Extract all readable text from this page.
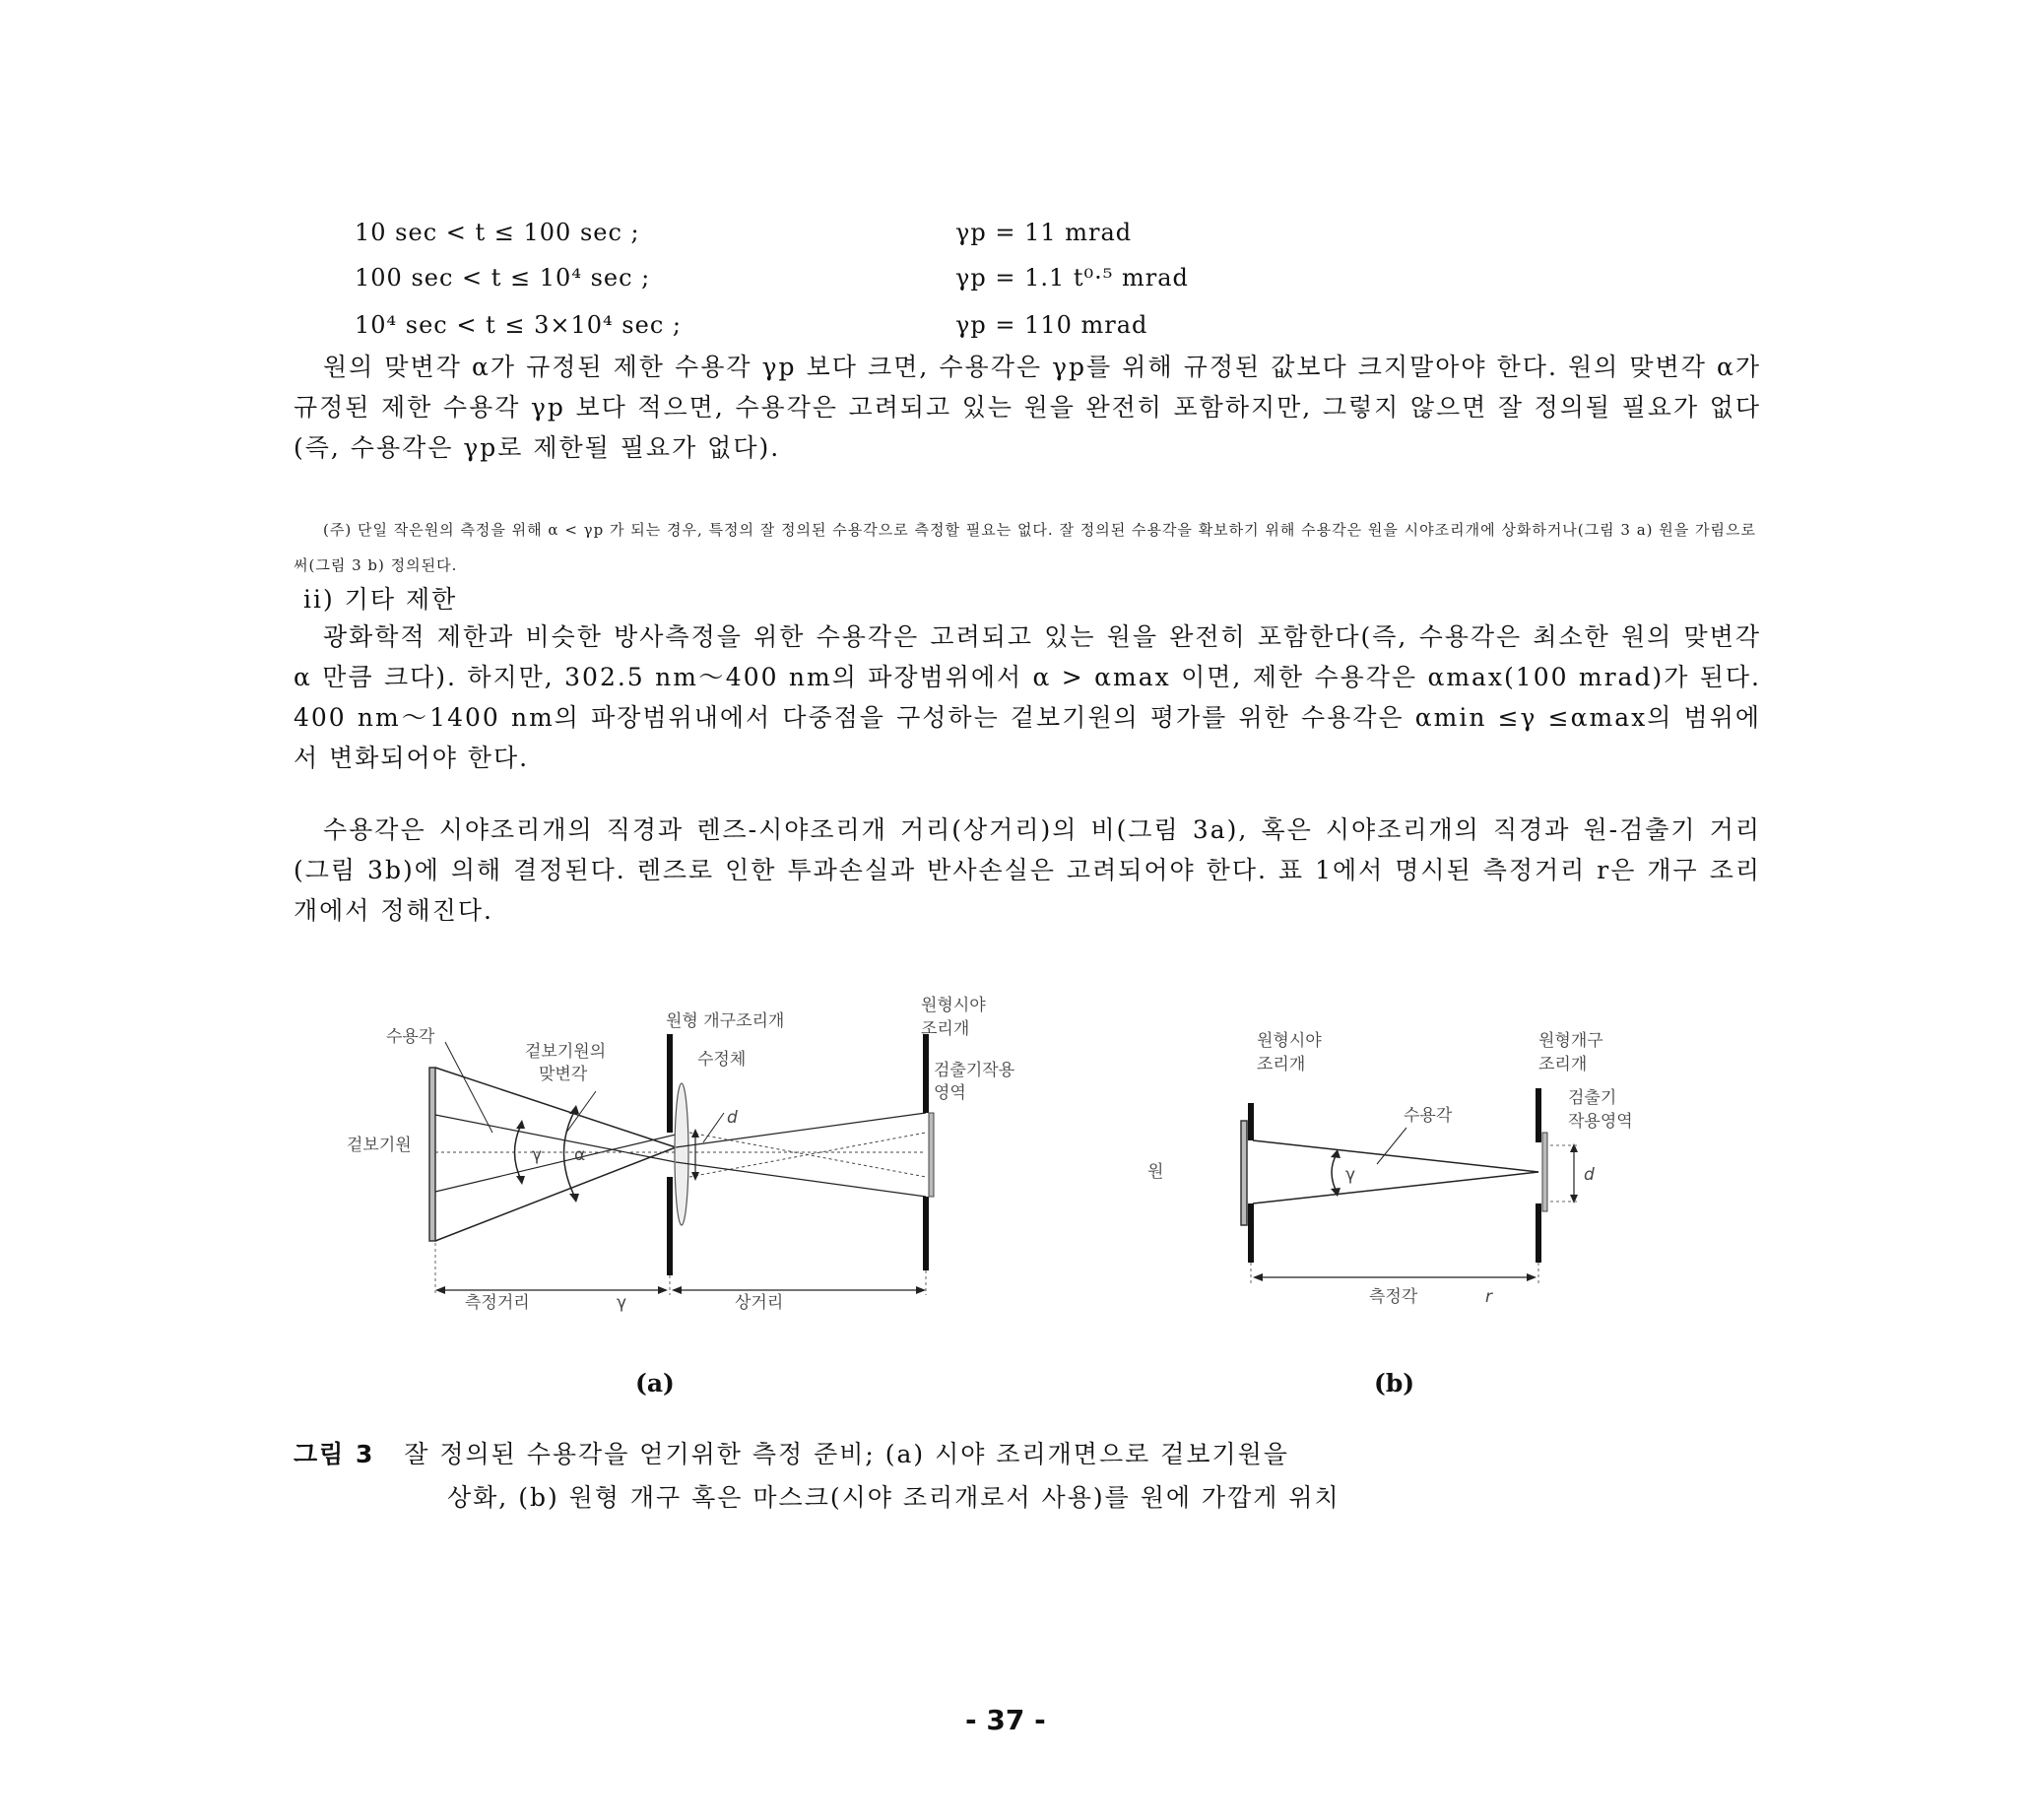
10 sec < t ≤ 100 sec ;	γp = 11 mrad
100 sec < t ≤ 10⁴ sec ;	γp = 1.1 t⁰·⁵ mrad
10⁴ sec < t ≤ 3×10⁴ sec ;	γp = 110 mrad

원의 맞변각 α가 규정된 제한 수용각 γp 보다 크면, 수용각은 γp를 위해 규정된 값보다 크지말아야 한다. 원의 맞변각 α가 규정된 제한 수용각 γp 보다 적으면, 수용각은 고려되고 있는 원을 완전히 포함하지만, 그렇지 않으면 잘 정의될 필요가 없다(즉, 수용각은 γp로 제한될 필요가 없다).

(주) 단일 작은원의 측정을 위해 α < γp 가 되는 경우, 특정의 잘 정의된 수용각으로 측정할 필요는 없다. 잘 정의된 수용각을 확보하기 위해 수용각은 원을 시야조리개에 상화하거나(그림 3 a) 원을 가림으로써(그림 3 b) 정의된다.

ii) 기타 제한

광화학적 제한과 비슷한 방사측정을 위한 수용각은 고려되고 있는 원을 완전히 포함한다(즉, 수용각은 최소한 원의 맞변각 α 만큼 크다). 하지만, 302.5 nm～400 nm의 파장범위에서 α > αmax 이면, 제한 수용각은 αmax(100 mrad)가 된다. 400 nm～1400 nm의 파장범위내에서 다중점을 구성하는 겉보기원의 평가를 위한 수용각은 αmin ≤γ ≤αmax의 범위에서 변화되어야 한다.

수용각은 시야조리개의 직경과 렌즈-시야조리개 거리(상거리)의 비(그림 3a), 혹은 시야조리개의 직경과 원-검출기 거리(그림 3b)에 의해 결정된다. 렌즈로 인한 투과손실과 반사손실은 고려되어야 한다. 표 1에서 명시된 측정거리 r은 개구 조리개에서 정해진다.

수용각
겉보기원의
맞변각
원형 개구조리개
원형시야
조리개
수정체
검출기작용
영역
겉보기원	γ α
d
측정거리	γ	상거리
원형시야
조리개
원형개구
조리개
수용각
검출기
작용영역
원	γ	d
측정각	r
(a)	(b)
그림 3 잘 정의된 수용각을 얻기위한 측정 준비; (a) 시야 조리개면으로 겉보기원을
상화, (b) 원형 개구 혹은 마스크(시야 조리개로서 사용)를 원에 가깝게 위치
- 37 -
